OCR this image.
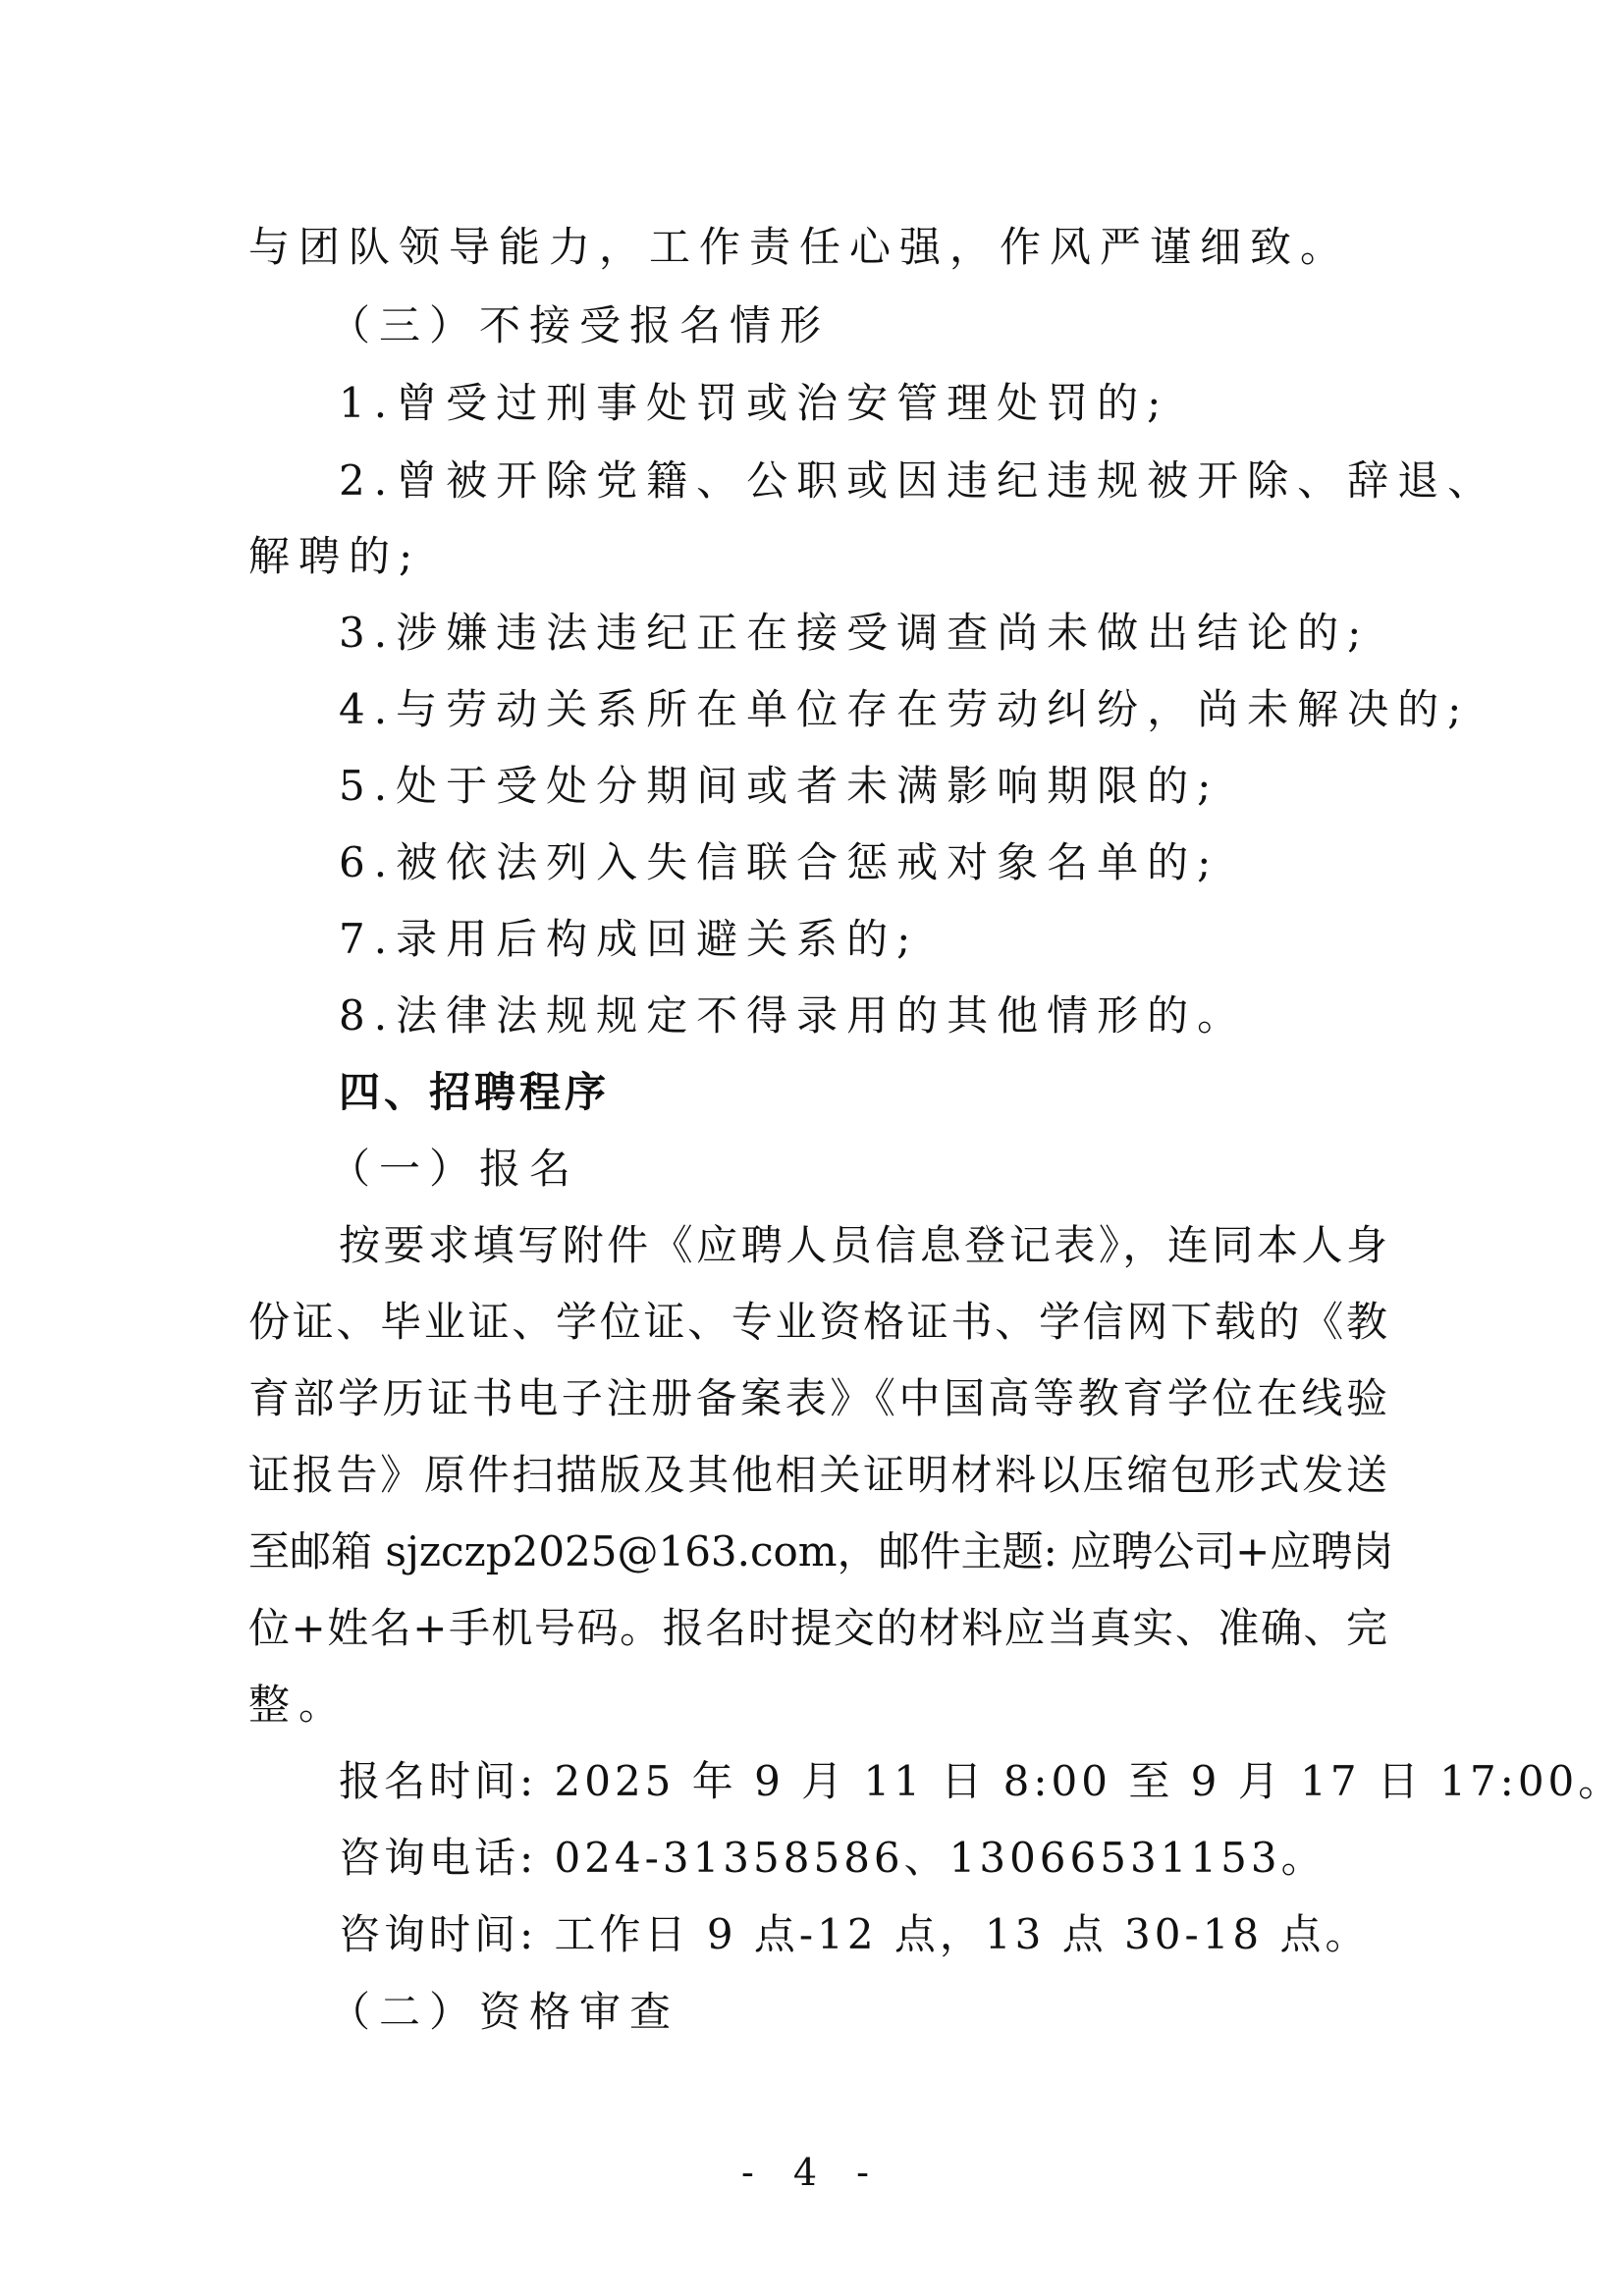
与团队领导能力，工作责任心强，作风严谨细致。
（三）不接受报名情形
1.曾受过刑事处罚或治安管理处罚的;
2.曾被开除党籍、公职或因违纪违规被开除、辞退、
解聘的;
3.涉嫌违法违纪正在接受调查尚未做出结论的;
4.与劳动关系所在单位存在劳动纠纷，尚未解决的;
5.处于受处分期间或者未满影响期限的;
6.被依法列入失信联合惩戒对象名单的;
7.录用后构成回避关系的;
8.法律法规规定不得录用的其他情形的。
四、招聘程序
（一）报名
按要求填写附件《应聘人员信息登记表》，连同本人身
份证、毕业证、学位证、专业资格证书、学信网下载的《教
育部学历证书电子注册备案表》《中国高等教育学位在线验
证报告》原件扫描版及其他相关证明材料以压缩包形式发送
至邮箱 sjzczp2025@163.com，邮件主题: 应聘公司+应聘岗
位+姓名+手机号码。报名时提交的材料应当真实、准确、完
整。
报名时间: 2025 年 9 月 11 日 8:00 至 9 月 17 日 17:00。
咨询电话: 024-31358586、13066531153。
咨询时间: 工作日 9 点-12 点，13 点 30-18 点。
（二）资格审查
- 4 -
